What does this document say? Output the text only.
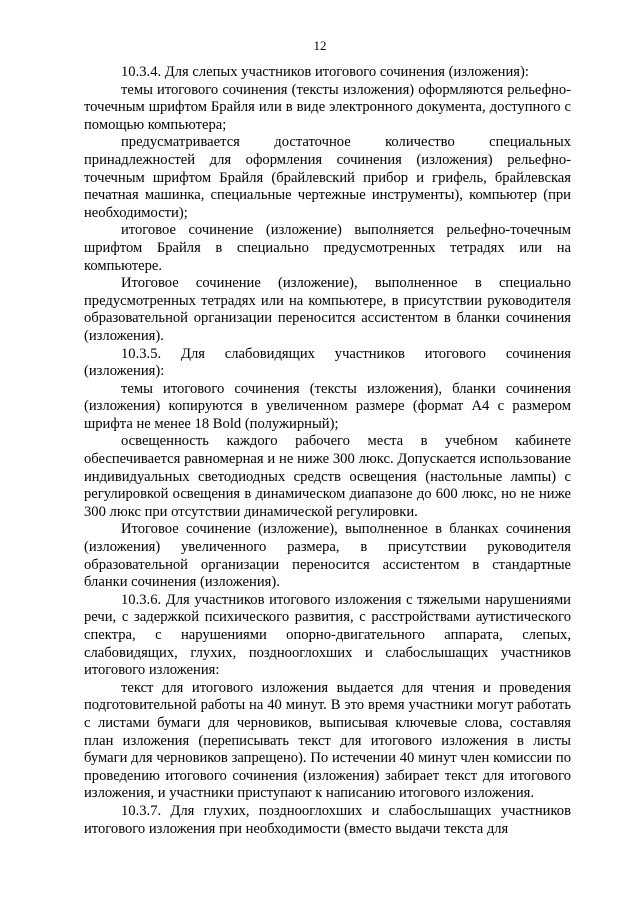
12

10.3.4. Для слепых участников итогового сочинения (изложения):

темы итогового сочинения (тексты изложения) оформляются рельефно-точечным шрифтом Брайля или в виде электронного документа, доступного с помощью компьютера;

предусматривается достаточное количество специальных принадлежностей для оформления сочинения (изложения) рельефно-точечным шрифтом Брайля (брайлевский прибор и грифель, брайлевская печатная машинка, специальные чертежные инструменты), компьютер (при необходимости);

итоговое сочинение (изложение) выполняется рельефно-точечным шрифтом Брайля в специально предусмотренных тетрадях или на компьютере.

Итоговое сочинение (изложение), выполненное в специально предусмотренных тетрадях или на компьютере, в присутствии руководителя образовательной организации переносится ассистентом в бланки сочинения (изложения).

10.3.5. Для слабовидящих участников итогового сочинения (изложения):

темы итогового сочинения (тексты изложения), бланки сочинения (изложения) копируются в увеличенном размере (формат А4 с размером шрифта не менее 18 Bold (полужирный);

освещенность каждого рабочего места в учебном кабинете обеспечивается равномерная и не ниже 300 люкс. Допускается использование индивидуальных светодиодных средств освещения (настольные лампы) с регулировкой освещения в динамическом диапазоне до 600 люкс, но не ниже 300 люкс при отсутствии динамической регулировки.

Итоговое сочинение (изложение), выполненное в бланках сочинения (изложения) увеличенного размера, в присутствии руководителя образовательной организации переносится ассистентом в стандартные бланки сочинения (изложения).

10.3.6. Для участников итогового изложения с тяжелыми нарушениями речи, с задержкой психического развития, с расстройствами аутистического спектра, с нарушениями опорно-двигательного аппарата, слепых, слабовидящих, глухих, позднооглохших и слабослышащих участников итогового изложения:

текст для итогового изложения выдается для чтения и проведения подготовительной работы на 40 минут. В это время участники могут работать с листами бумаги для черновиков, выписывая ключевые слова, составляя план изложения (переписывать текст для итогового изложения в листы бумаги для черновиков запрещено). По истечении 40 минут член комиссии по проведению итогового сочинения (изложения) забирает текст для итогового изложения, и участники приступают к написанию итогового изложения.

10.3.7. Для глухих, позднооглохших и слабослышащих участников итогового изложения при необходимости (вместо выдачи текста для
